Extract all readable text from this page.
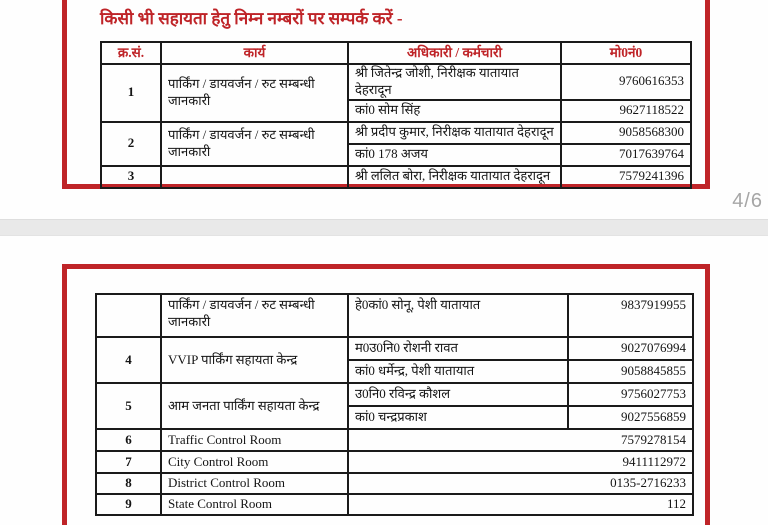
किसी भी सहायता हेतु निम्न नम्बरों पर सम्पर्क करें -
क्र.सं.	कार्य	अधिकारी / कर्मचारी	मो0नं0
1	पार्किंग / डायवर्जन / रुट सम्बन्धी जानकारी	श्री जितेन्द्र जोशी, निरीक्षक यातायात देहरादून	9760616353
		कां0 सोम सिंह	9627118522
2	पार्किंग / डायवर्जन / रुट सम्बन्धी जानकारी	श्री प्रदीप कुमार, निरीक्षक यातायात देहरादून	9058568300
		कां0 178 अजय	7017639764
3		श्री ललित बोरा, निरीक्षक यातायात देहरादून	7579241396
4/6
	पार्किंग / डायवर्जन / रुट सम्बन्धी जानकारी	हे0कां0 सोनू, पेशी यातायात	9837919955
4	VVIP पार्किंग सहायता केन्द्र	म0उ0नि0 रोशनी रावत	9027076994
		कां0 धर्मेन्द्र, पेशी यातायात	9058845855
5	आम जनता पार्किंग सहायता केन्द्र	उ0नि0 रविन्द्र कौशल	9756027753
		कां0 चन्द्रप्रकाश	9027556859
6	Traffic Control Room	7579278154	
7	City Control Room	9411112972	
8	District Control Room	0135-2716233	
9	State Control Room	112	
